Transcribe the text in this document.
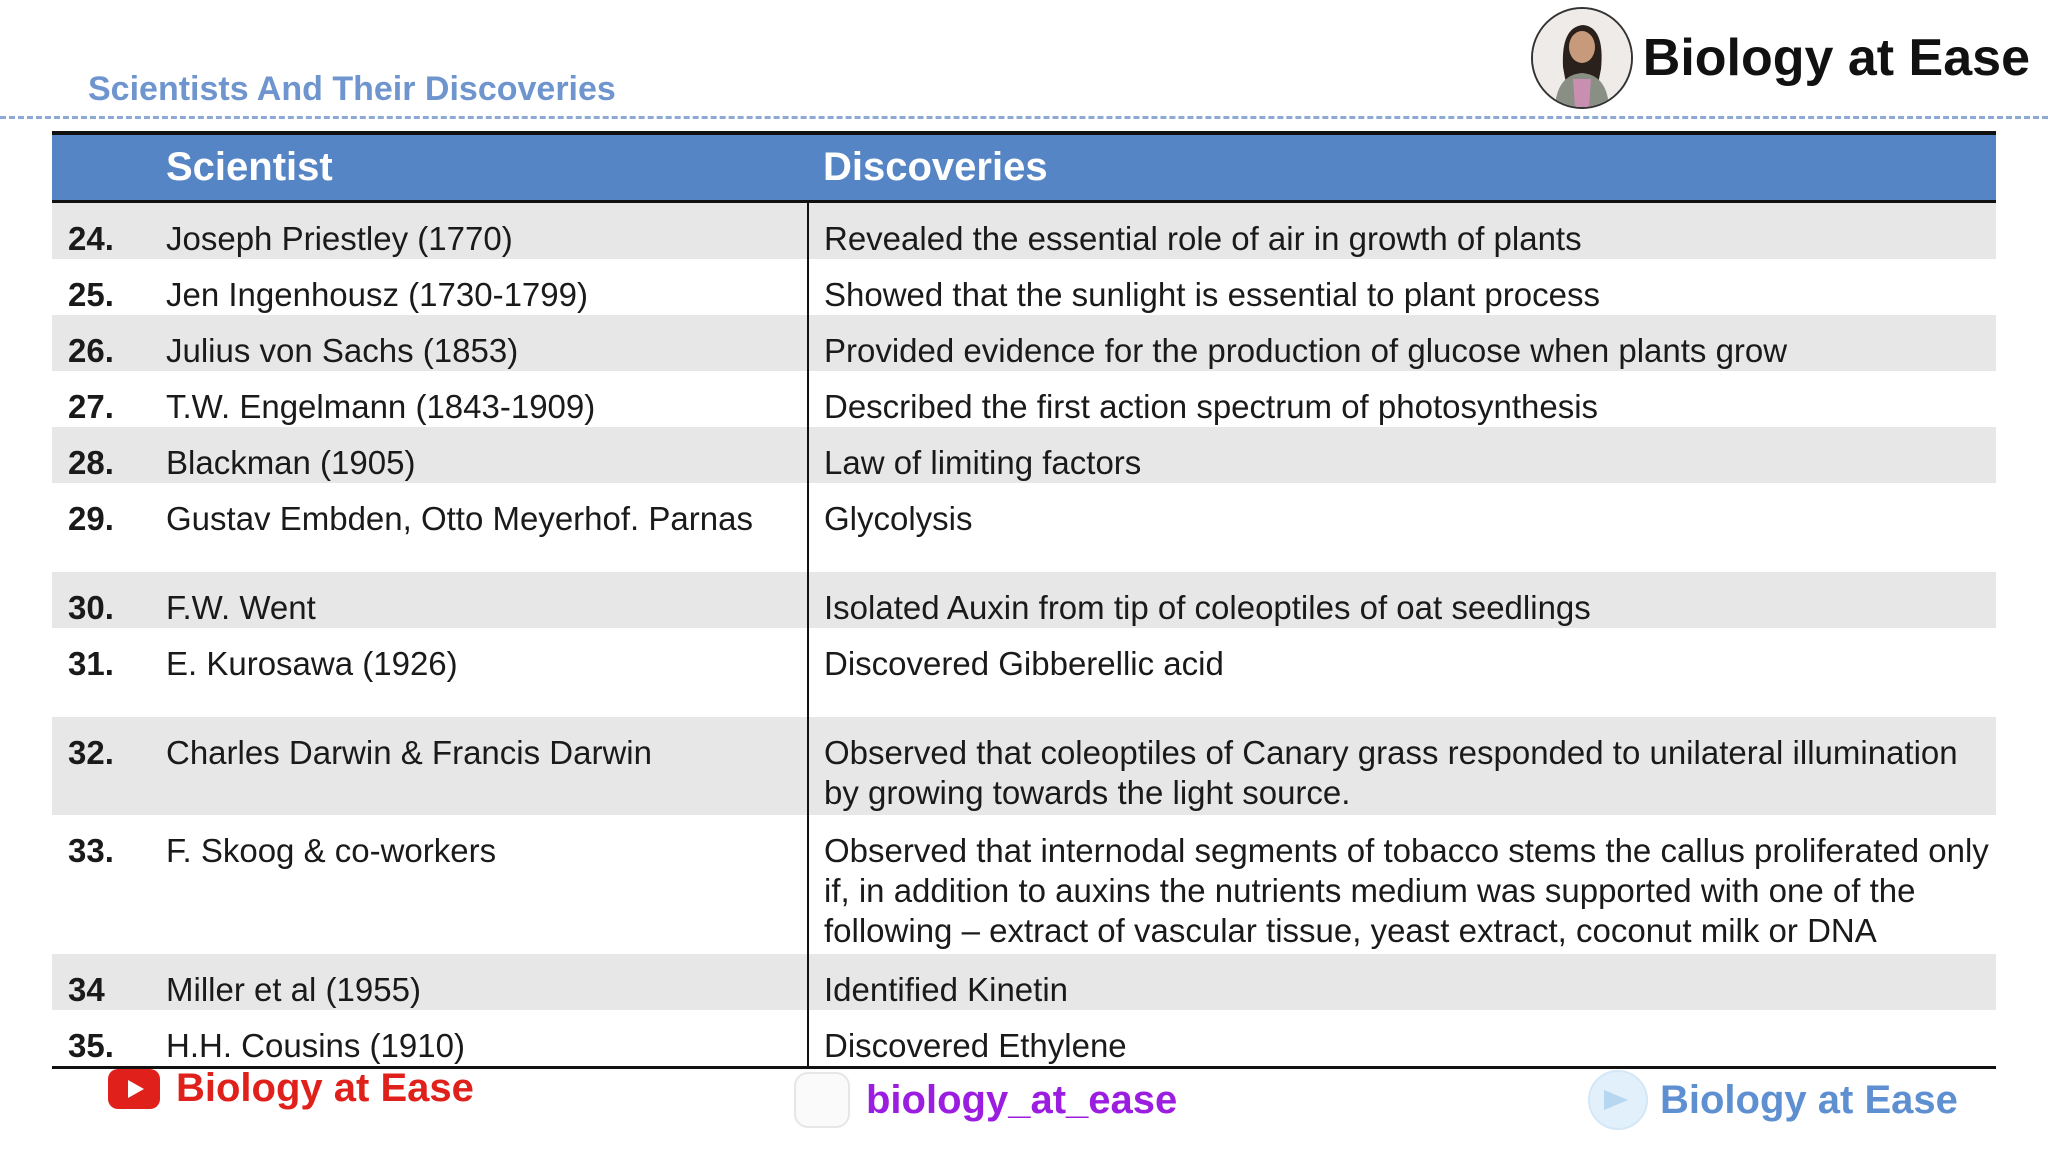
Scientists And Their Discoveries
Biology at Ease
	Scientist	Discoveries
24.	Joseph Priestley (1770)	Revealed the essential role of air in growth of plants
25.	Jen Ingenhousz (1730-1799)	Showed that the sunlight is essential to plant process
26.	Julius von Sachs (1853)	Provided evidence for the production of glucose when plants grow
27.	T.W. Engelmann (1843-1909)	Described the first action spectrum of photosynthesis
28.	Blackman (1905)	Law of limiting factors
29.	Gustav Embden, Otto Meyerhof. Parnas	Glycolysis
30.	F.W. Went	Isolated Auxin from tip of coleoptiles of oat seedlings
31.	E. Kurosawa (1926)	Discovered Gibberellic acid
32.	Charles Darwin & Francis Darwin	Observed that coleoptiles of Canary grass responded to unilateral illumination by growing towards the light source.
33.	F. Skoog & co-workers	Observed that internodal segments of tobacco stems the callus proliferated only if, in addition to auxins the nutrients medium was supported with one of the following – extract of vascular tissue, yeast extract, coconut milk or DNA
34	Miller et al (1955)	Identified Kinetin
35.	H.H. Cousins (1910)	Discovered Ethylene
Biology at Ease	biology_at_ease	Biology at Ease
